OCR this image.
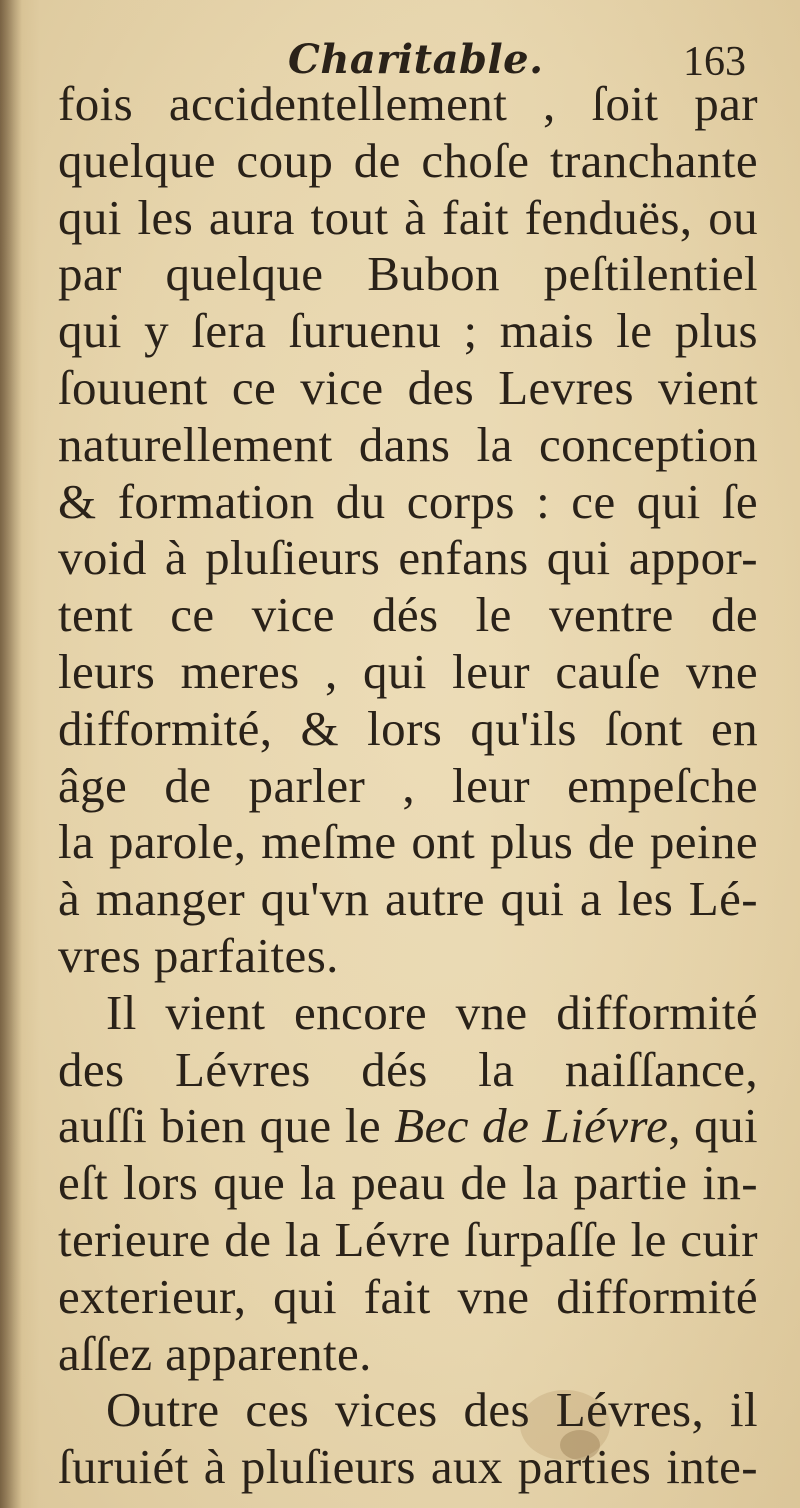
Charitable.	163
fois accidentellement , ſoit par
quelque coup de choſe tranchante
qui les aura tout à fait fenduës, ou
par quelque Bubon peſtilentiel
qui y ſera ſuruenu ; mais le plus
ſouuent ce vice des Levres vient
naturellement dans la conception
& formation du corps : ce qui ſe
void à pluſieurs enfans qui appor-
tent ce vice dés le ventre de
leurs meres , qui leur cauſe vne
difformité, & lors qu'ils ſont en
âge de parler , leur empeſche
la parole, meſme ont plus de peine
à manger qu'vn autre qui a les Lé-
vres parfaites.
Il vient encore vne difformité
des Lévres dés la naiſſance,
auſſi bien que le Bec de Liévre, qui
eſt lors que la peau de la partie in-
terieure de la Lévre ſurpaſſe le cuir
exterieur, qui fait vne difformité
aſſez apparente.
Outre ces vices des Lévres, il
ſuruiét à pluſieurs aux parties inte-
